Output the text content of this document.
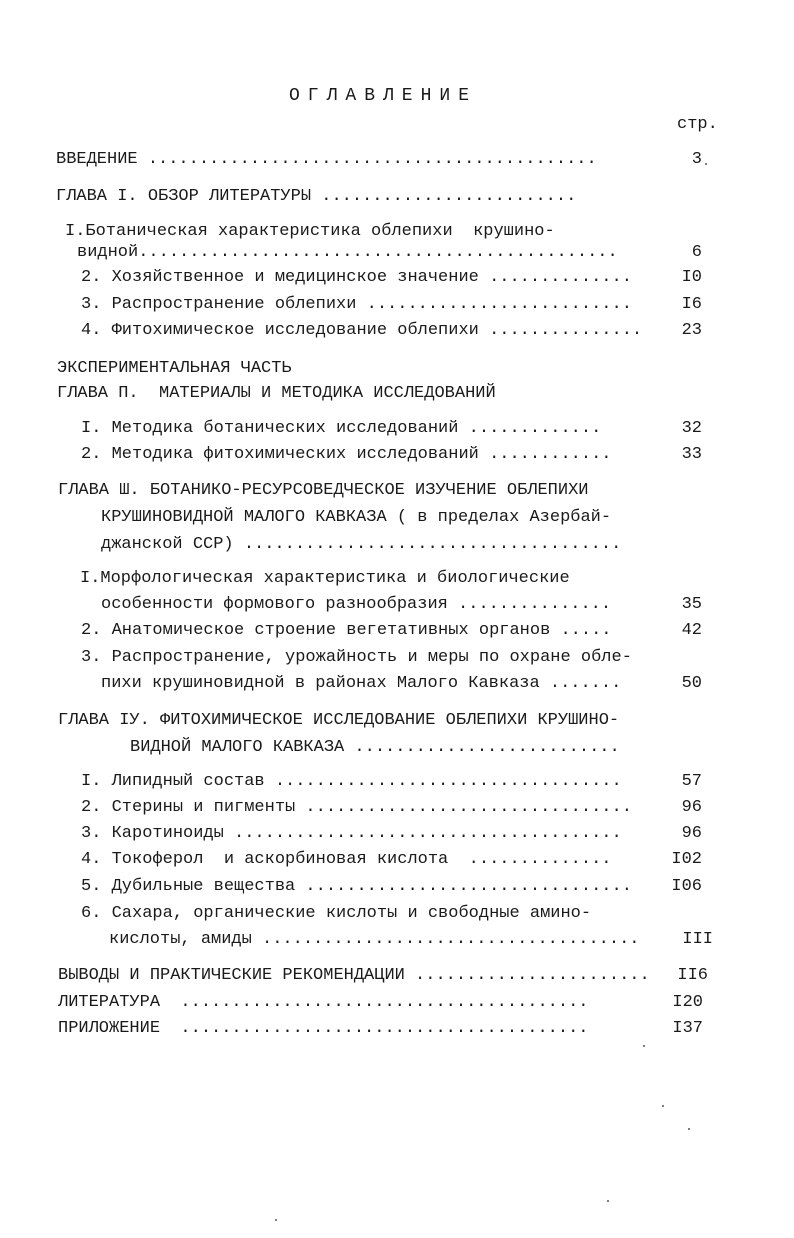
ОГЛАВЛЕНИЕ
стр.
ВВЕДЕНИЕ ............................................	3
ГЛАВА I. ОБЗОР ЛИТЕРАТУРЫ .........................
I.Ботаническая характеристика облепихи  крушино-
видной...............................................	6
2. Хозяйственное и медицинское значение ..............	I0
3. Распространение облепихи ..........................	I6
4. Фитохимическое исследование облепихи ...............	23
ЭКСПЕРИМЕНТАЛЬНАЯ ЧАСТЬ
ГЛАВА П.  МАТЕРИАЛЫ И МЕТОДИКА ИССЛЕДОВАНИЙ
I. Методика ботанических исследований .............	32
2. Методика фитохимических исследований ............	33
ГЛАВА Ш. БОТАНИКО-РЕСУРСОВЕДЧЕСКОЕ ИЗУЧЕНИЕ ОБЛЕПИХИ
КРУШИНОВИДНОЙ МАЛОГО КАВКАЗА ( в пределах Азербай-
джанской ССР) .....................................
I.Морфологическая характеристика и биологические
особенности формового разнообразия ...............	35
2. Анатомическое строение вегетативных органов .....	42
3. Распространение, урожайность и меры по охране обле-
пихи крушиновидной в районах Малого Кавказа .......	50
ГЛАВА IУ. ФИТОХИМИЧЕСКОЕ ИССЛЕДОВАНИЕ ОБЛЕПИХИ КРУШИНО-
ВИДНОЙ МАЛОГО КАВКАЗА ..........................
I. Липидный состав ..................................	57
2. Стерины и пигменты ................................	96
3. Каротиноиды ......................................	96
4. Токоферол  и аскорбиновая кислота  ..............	I02
5. Дубильные вещества ................................	I06
6. Сахара, органические кислоты и свободные амино-
кислоты, амиды .....................................	III
ВЫВОДЫ И ПРАКТИЧЕСКИЕ РЕКОМЕНДАЦИИ .......................	II6
ЛИТЕРАТУРА  ........................................	I20
ПРИЛОЖЕНИЕ  ........................................	I37
